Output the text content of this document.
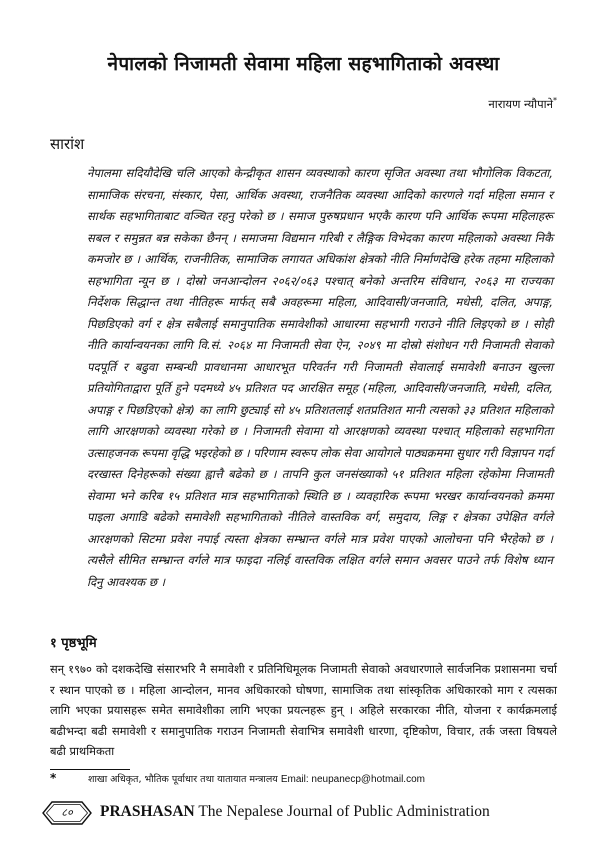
नेपालको निजामती सेवामा महिला सहभागिताको अवस्था
नारायण न्यौपाने*
सारांश

नेपालमा सदियौदेखि चलि आएको केन्द्रीकृत शासन व्यवस्थाको कारण सृजित अवस्था तथा भौगोलिक विकटता, सामाजिक संरचना, संस्कार, पेसा, आर्थिक अवस्था, राजनैतिक व्यवस्था आदिको कारणले गर्दा महिला समान र सार्थक सहभागिताबाट वञ्चित रहनु परेको छ । समाज पुरुषप्रधान भएकै कारण पनि आर्थिक रूपमा महिलाहरू सबल र समुन्नत बन्न सकेका छैनन् । समाजमा विद्यमान गरिबी र लैङ्गिक विभेदका कारण महिलाको अवस्था निकै कमजोर छ । आर्थिक, राजनीतिक, सामाजिक लगायत अधिकांश क्षेत्रको नीति निर्माणदेखि हरेक तहमा महिलाको सहभागिता न्यून छ । दोस्रो जनआन्दोलन २०६२/०६३ पश्चात् बनेको अन्तरिम संविधान, २०६३ मा राज्यका निर्देशक सिद्धान्त तथा नीतिहरू मार्फत् सबै अवहरूमा महिला, आदिवासी/जनजाति, मधेसी, दलित, अपाङ्ग, पिछडिएको वर्ग र क्षेत्र सबैलाई समानुपातिक समावेशीको आधारमा सहभागी गराउने नीति लिइएको छ । सोही नीति कार्यान्वयनका लागि वि.सं. २०६४ मा निजामती सेवा ऐन, २०४९ मा दोस्रो संशोधन गरी निजामती सेवाको पदपूर्ति र बढुवा सम्बन्धी प्रावधानमा आधारभूत परिवर्तन गरी निजामती सेवालाई समावेशी बनाउन खुल्ला प्रतियोगिताद्वारा पूर्ति हुने पदमध्ये ४५ प्रतिशत पद आरक्षित समूह (महिला, आदिवासी/जनजाति, मधेसी, दलित, अपाङ्ग र पिछडिएको क्षेत्र) का लागि छुट्याई सो ४५ प्रतिशतलाई शतप्रतिशत मानी त्यसको ३३ प्रतिशत महिलाको लागि आरक्षणको व्यवस्था गरेको छ । निजामती सेवामा यो आरक्षणको व्यवस्था पश्चात् महिलाको सहभागिता उत्साहजनक रूपमा वृद्धि भइरहेको छ । परिणाम स्वरूप लोक सेवा आयोगले पाठ्यक्रममा सुधार गरी विज्ञापन गर्दा दरखास्त दिनेहरूको संख्या ह्वात्तै बढेको छ । तापनि कुल जनसंख्याको ५१ प्रतिशत महिला रहेकोमा निजामती सेवामा भने करिब १५ प्रतिशत मात्र सहभागिताको स्थिति छ । व्यवहारिक रूपमा भरखर कार्यान्वयनको क्रममा पाइला अगाडि बढेको समावेशी सहभागिताको नीतिले वास्तविक वर्ग, समुदाय, लिङ्ग र क्षेत्रका उपेक्षित वर्गले आरक्षणको सिटमा प्रवेश नपाई त्यस्ता क्षेत्रका सम्भ्रान्त वर्गले मात्र प्रवेश पाएको आलोचना पनि भैरहेको छ । त्यसैले सीमित सम्भ्रान्त वर्गले मात्र फाइदा नलिई वास्तविक लक्षित वर्गले समान अवसर पाउने तर्फ विशेष ध्यान दिनु आवश्यक छ ।

१ पृष्ठभूमि

सन् १९७० को दशकदेखि संसारभरि नै समावेशी र प्रतिनिधिमूलक निजामती सेवाको अवधारणाले सार्वजनिक प्रशासनमा चर्चा र स्थान पाएको छ । महिला आन्दोलन, मानव अधिकारको घोषणा, सामाजिक तथा सांस्कृतिक अधिकारको माग र त्यसका लागि भएका प्रयासहरू समेत समावेशीका लागि भएका प्रयत्नहरू हुन् । अहिले सरकारका नीति, योजना र कार्यक्रमलाई बढीभन्दा बढी समावेशी र समानुपातिक गराउन निजामती सेवाभित्र समावेशी धारणा, दृष्टिकोण, विचार, तर्क जस्ता विषयले बढी प्राथमिकता

*	शाखा अधिकृत, भौतिक पूर्वाधार तथा यातायात मन्त्रालय Email: neupanecp@hotmail.com
८०	PRASHASAN The Nepalese Journal of Public Administration
